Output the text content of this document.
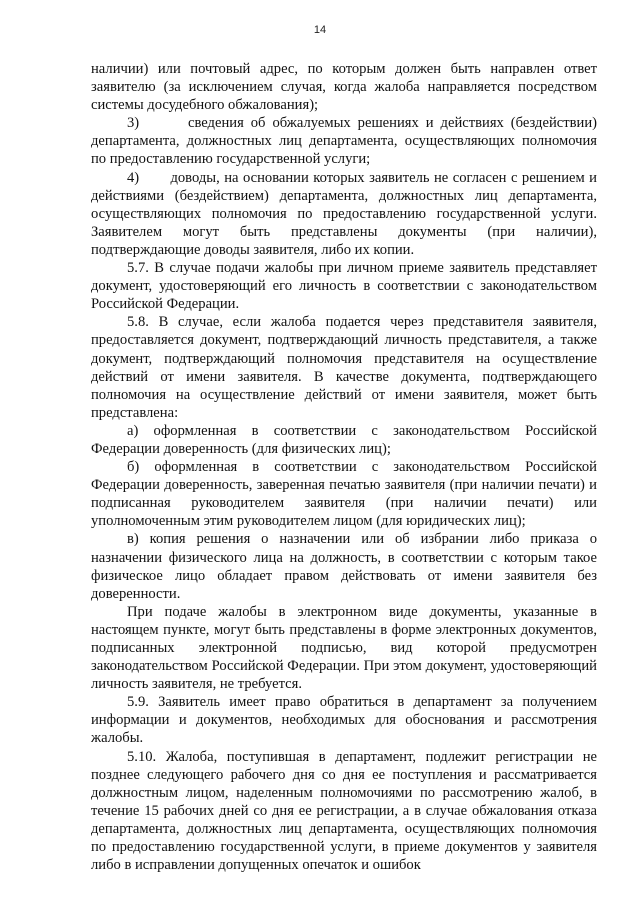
14

наличии) или почтовый адрес, по которым должен быть направлен ответ заявителю (за исключением случая, когда жалоба направляется посредством системы досудебного обжалования);

3)       сведения об обжалуемых решениях и действиях (бездействии) департамента, должностных лиц департамента, осуществляющих полномочия по предоставлению государственной услуги;

4)       доводы, на основании которых заявитель не согласен с решением и действиями (бездействием) департамента, должностных лиц департамента, осуществляющих полномочия по предоставлению государственной услуги. Заявителем могут быть представлены документы (при наличии), подтверждающие доводы заявителя, либо их копии.

5.7. В случае подачи жалобы при личном приеме заявитель представляет документ, удостоверяющий его личность в соответствии с законодательством Российской Федерации.

5.8. В случае, если жалоба подается через представителя заявителя, предоставляется документ, подтверждающий личность представителя, а также документ, подтверждающий полномочия представителя на осуществление действий от имени заявителя. В качестве документа, подтверждающего полномочия на осуществление действий от имени заявителя, может быть представлена:

а) оформленная в соответствии с законодательством Российской Федерации доверенность (для физических лиц);

б) оформленная в соответствии с законодательством Российской Федерации доверенность, заверенная печатью заявителя (при наличии печати) и подписанная руководителем заявителя (при наличии печати) или уполномоченным этим руководителем лицом (для юридических лиц);

в) копия решения о назначении или об избрании либо приказа о назначении физического лица на должность, в соответствии с которым такое физическое лицо обладает правом действовать от имени заявителя без доверенности.

При подаче жалобы в электронном виде документы, указанные в настоящем пункте, могут быть представлены в форме электронных документов, подписанных электронной подписью, вид которой предусмотрен законодательством Российской Федерации. При этом документ, удостоверяющий личность заявителя, не требуется.

5.9. Заявитель имеет право обратиться в департамент за получением информации и документов, необходимых для обоснования и рассмотрения жалобы.

5.10. Жалоба, поступившая в департамент, подлежит регистрации не позднее следующего рабочего дня со дня ее поступления и рассматривается должностным лицом, наделенным полномочиями по рассмотрению жалоб, в течение 15 рабочих дней со дня ее регистрации, а в случае обжалования отказа департамента, должностных лиц департамента, осуществляющих полномочия по предоставлению государственной услуги, в приеме документов у заявителя либо в исправлении допущенных опечаток и ошибок
